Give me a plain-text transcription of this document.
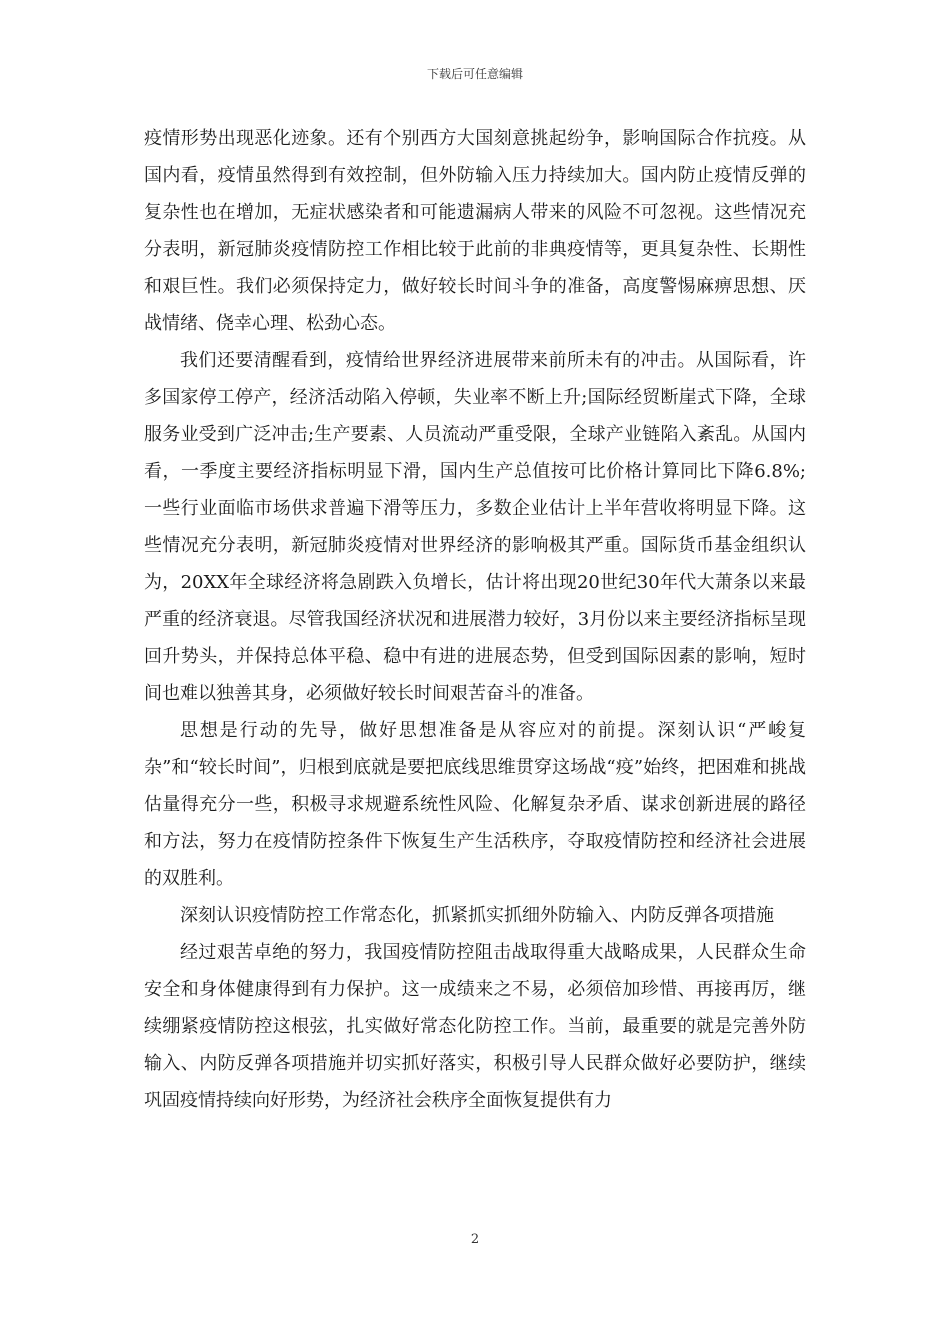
下载后可任意编辑

疫情形势出现恶化迹象。还有个别西方大国刻意挑起纷争，影响国际合作抗疫。从国内看，疫情虽然得到有效控制，但外防输入压力持续加大。国内防止疫情反弹的复杂性也在增加，无症状感染者和可能遗漏病人带来的风险不可忽视。这些情况充分表明，新冠肺炎疫情防控工作相比较于此前的非典疫情等，更具复杂性、长期性和艰巨性。我们必须保持定力，做好较长时间斗争的准备，高度警惕麻痹思想、厌战情绪、侥幸心理、松劲心态。

我们还要清醒看到，疫情给世界经济进展带来前所未有的冲击。从国际看，许多国家停工停产，经济活动陷入停顿，失业率不断上升;国际经贸断崖式下降，全球服务业受到广泛冲击;生产要素、人员流动严重受限，全球产业链陷入紊乱。从国内看，一季度主要经济指标明显下滑，国内生产总值按可比价格计算同比下降6.8%;一些行业面临市场供求普遍下滑等压力，多数企业估计上半年营收将明显下降。这些情况充分表明，新冠肺炎疫情对世界经济的影响极其严重。国际货币基金组织认为，20XX年全球经济将急剧跌入负增长，估计将出现20世纪30年代大萧条以来最严重的经济衰退。尽管我国经济状况和进展潜力较好，3月份以来主要经济指标呈现回升势头，并保持总体平稳、稳中有进的进展态势，但受到国际因素的影响，短时间也难以独善其身，必须做好较长时间艰苦奋斗的准备。

思想是行动的先导，做好思想准备是从容应对的前提。深刻认识“严峻复杂”和“较长时间”，归根到底就是要把底线思维贯穿这场战“疫”始终，把困难和挑战估量得充分一些，积极寻求规避系统性风险、化解复杂矛盾、谋求创新进展的路径和方法，努力在疫情防控条件下恢复生产生活秩序，夺取疫情防控和经济社会进展的双胜利。

深刻认识疫情防控工作常态化，抓紧抓实抓细外防输入、内防反弹各项措施

经过艰苦卓绝的努力，我国疫情防控阻击战取得重大战略成果，人民群众生命安全和身体健康得到有力保护。这一成绩来之不易，必须倍加珍惜、再接再厉，继续绷紧疫情防控这根弦，扎实做好常态化防控工作。当前，最重要的就是完善外防输入、内防反弹各项措施并切实抓好落实，积极引导人民群众做好必要防护，继续巩固疫情持续向好形势，为经济社会秩序全面恢复提供有力

2
